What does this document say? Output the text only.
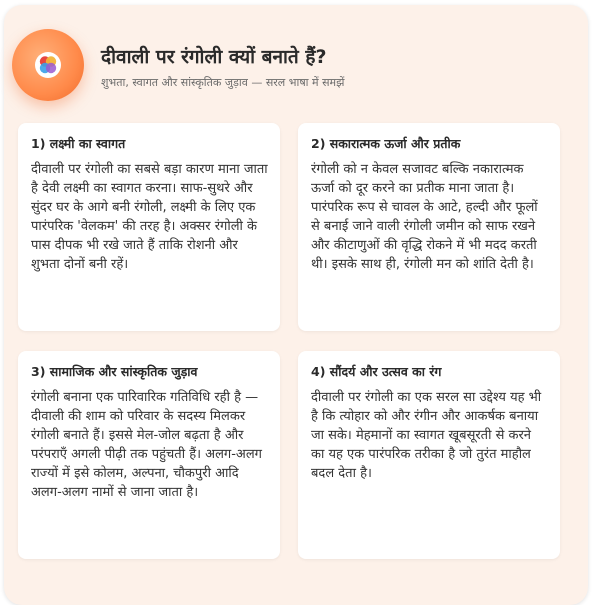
दीवाली पर रंगोली क्यों बनाते हैं?
शुभता, स्वागत और सांस्कृतिक जुड़ाव — सरल भाषा में समझें
1) लक्ष्मी का स्वागत

दीवाली पर रंगोली का सबसे बड़ा कारण माना जाता है देवी लक्ष्मी का स्वागत करना। साफ-सुथरे और सुंदर घर के आगे बनी रंगोली, लक्ष्मी के लिए एक पारंपरिक 'वेलकम' की तरह है। अक्सर रंगोली के पास दीपक भी रखे जाते हैं ताकि रोशनी और शुभता दोनों बनी रहें।

2) सकारात्मक ऊर्जा और प्रतीक

रंगोली को न केवल सजावट बल्कि नकारात्मक ऊर्जा को दूर करने का प्रतीक माना जाता है। पारंपरिक रूप से चावल के आटे, हल्दी और फूलों से बनाई जाने वाली रंगोली जमीन को साफ रखने और कीटाणुओं की वृद्धि रोकने में भी मदद करती थी। इसके साथ ही, रंगोली मन को शांति देती है।

3) सामाजिक और सांस्कृतिक जुड़ाव

रंगोली बनाना एक पारिवारिक गतिविधि रही है — दीवाली की शाम को परिवार के सदस्य मिलकर रंगोली बनाते हैं। इससे मेल-जोल बढ़ता है और परंपराएँ अगली पीढ़ी तक पहुंचती हैं। अलग-अलग राज्यों में इसे कोलम, अल्पना, चौकपुरी आदि अलग-अलग नामों से जाना जाता है।

4) सौंदर्य और उत्सव का रंग

दीवाली पर रंगोली का एक सरल सा उद्देश्य यह भी है कि त्योहार को और रंगीन और आकर्षक बनाया जा सके। मेहमानों का स्वागत खूबसूरती से करने का यह एक पारंपरिक तरीका है जो तुरंत माहौल बदल देता है।
